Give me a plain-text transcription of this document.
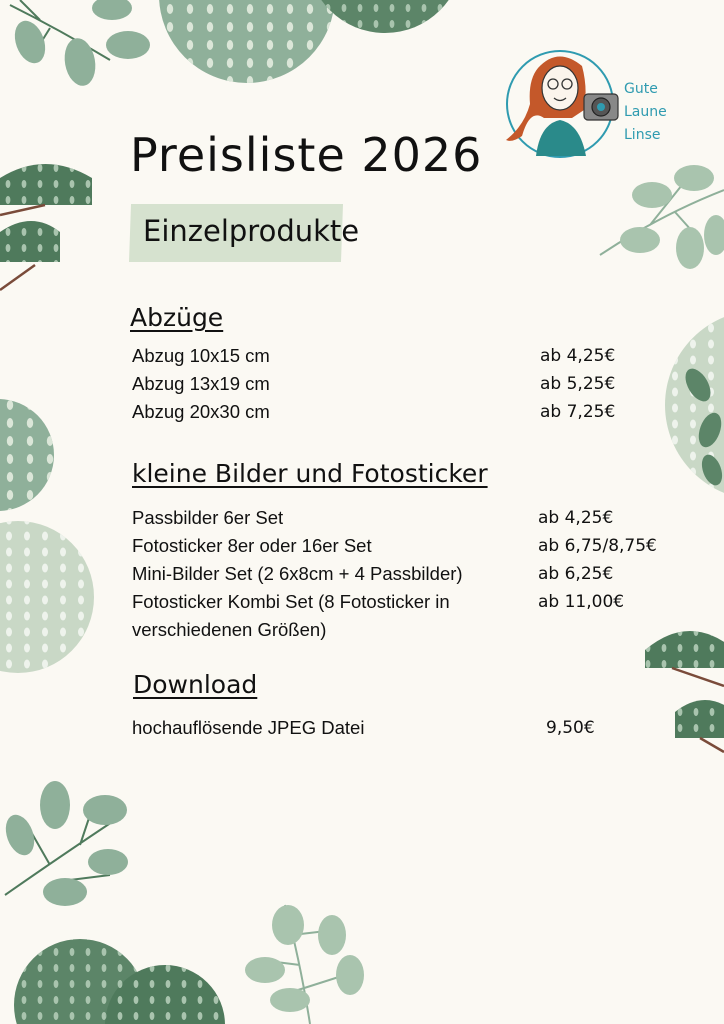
Gute
Laune
Linse
Preisliste 2026
Einzelprodukte
Abzüge
Abzug 10x15 cm	ab 4,25€
Abzug 13x19 cm	ab 5,25€
Abzug 20x30 cm	ab 7,25€
kleine Bilder und Fotosticker
Passbilder 6er Set	ab 4,25€
Fotosticker 8er oder 16er Set	ab 6,75/8,75€
Mini-Bilder Set (2 6x8cm + 4 Passbilder)	ab 6,25€
Fotosticker Kombi Set (8 Fotosticker in	ab 11,00€
verschiedenen Größen)
Download
hochauflösende JPEG Datei	9,50€
